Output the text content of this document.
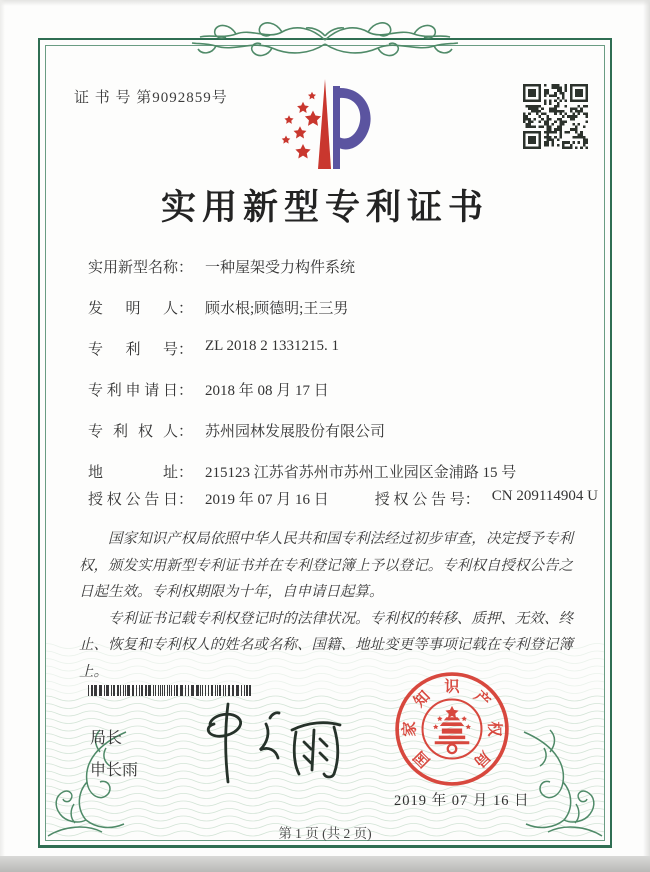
证 书 号 第9092859号
实用新型专利证书
实用新型名称 ： 一种屋架受力构件系统
发明人 ： 顾水根;顾德明;王三男
专利号 ： ZL 2018 2 1331215. 1
专利申请日 ： 2018 年 08 月 17 日
专利权人 ： 苏州园林发展股份有限公司
地址 ： 215123 江苏省苏州市苏州工业园区金浦路 15 号
授权公告日 ： 2019 年 07 月 16 日	授权公告号 ： CN 209114904 U

国家知识产权局依照中华人民共和国专利法经过初步审查，决定授予专利权，颁发实用新型专利证书并在专利登记簿上予以登记。专利权自授权公告之日起生效。专利权期限为十年，自申请日起算。

专利证书记载专利权登记时的法律状况。专利权的转移、质押、无效、终止、恢复和专利权人的姓名或名称、国籍、地址变更等事项记载在专利登记簿上。

局长
申长雨
国
家
知
识
产
权
局
2019 年 07 月 16 日
第 1 页 (共 2 页)
